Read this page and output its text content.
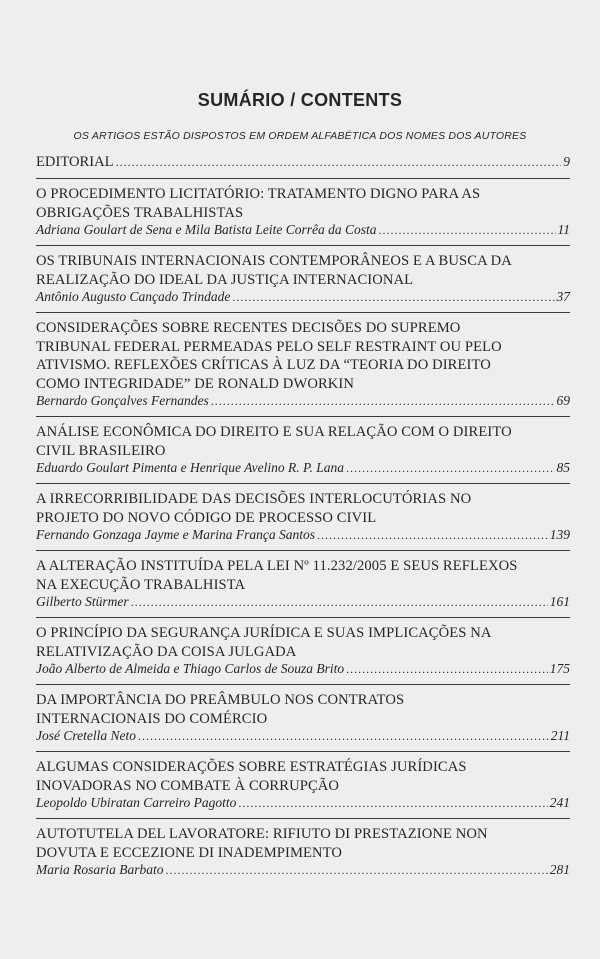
SUMÁRIO / CONTENTS
OS ARTIGOS ESTÃO DISPOSTOS EM ORDEM ALFABÉTICA DOS NOMES DOS AUTORES
EDITORIAL .....	9
O PROCEDIMENTO LICITATÓRIO: TRATAMENTO DIGNO PARA AS
OBRIGAÇÕES TRABALHISTAS
Adriana Goulart de Sena e Mila Batista Leite Corrêa da Costa .....	11
OS TRIBUNAIS INTERNACIONAIS CONTEMPORÂNEOS E A BUSCA DA
REALIZAÇÃO DO IDEAL DA JUSTIÇA INTERNACIONAL
Antônio Augusto Cançado Trindade .....	37
CONSIDERAÇÕES SOBRE RECENTES DECISÕES DO SUPREMO
TRIBUNAL FEDERAL PERMEADAS PELO SELF RESTRAINT OU PELO
ATIVISMO. REFLEXÕES CRÍTICAS À LUZ DA “TEORIA DO DIREITO
COMO INTEGRIDADE” DE RONALD DWORKIN
Bernardo Gonçalves Fernandes .....	69
ANÁLISE ECONÔMICA DO DIREITO E SUA RELAÇÃO COM O DIREITO
CIVIL BRASILEIRO
Eduardo Goulart Pimenta e Henrique Avelino R. P. Lana .....	85
A IRRECORRIBILIDADE DAS DECISÕES INTERLOCUTÓRIAS NO
PROJETO DO NOVO CÓDIGO DE PROCESSO CIVIL
Fernando Gonzaga Jayme e Marina França Santos .....	139
A ALTERAÇÃO INSTITUÍDA PELA LEI Nº 11.232/2005 E SEUS REFLEXOS
NA EXECUÇÃO TRABALHISTA
Gilberto Stürmer .....	161
O PRINCÍPIO DA SEGURANÇA JURÍDICA E SUAS IMPLICAÇÕES NA
RELATIVIZAÇÃO DA COISA JULGADA
João Alberto de Almeida e Thiago Carlos de Souza Brito .....	175
DA IMPORTÂNCIA DO PREÂMBULO NOS CONTRATOS
INTERNACIONAIS DO COMÉRCIO
José Cretella Neto .....	211
ALGUMAS CONSIDERAÇÕES SOBRE ESTRATÉGIAS JURÍDICAS
INOVADORAS NO COMBATE À CORRUPÇÃO
Leopoldo Ubiratan Carreiro Pagotto .....	241
AUTOTUTELA DEL LAVORATORE: RIFIUTO DI PRESTAZIONE NON
DOVUTA E ECCEZIONE DI INADEMPIMENTO
Maria Rosaria Barbato .....	281
